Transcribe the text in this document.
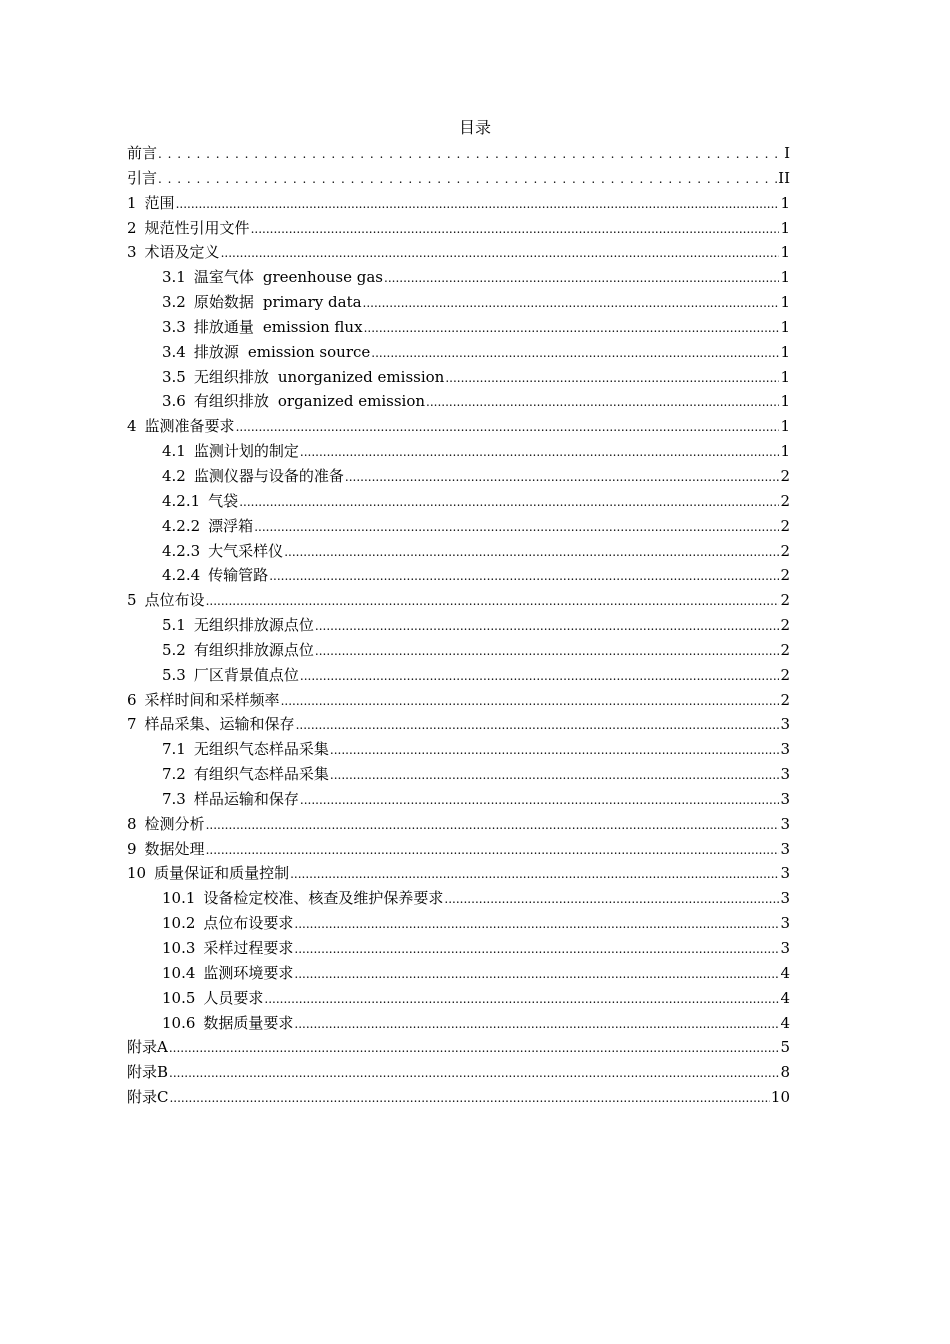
目录
前言 . . .	I
引言 . . .	II
1 范围 .....	1
2 规范性引用文件 .....	1
3 术语及定义 .....	1
3.1 温室气体 greenhouse gas .....	1
3.2 原始数据 primary data .....	1
3.3 排放通量 emission flux .....	1
3.4 排放源 emission source .....	1
3.5 无组织排放 unorganized emission .....	1
3.6 有组织排放 organized emission .....	1
4 监测准备要求 .....	1
4.1 监测计划的制定 .....	1
4.2 监测仪器与设备的准备 .....	2
4.2.1 气袋 .....	2
4.2.2 漂浮箱 .....	2
4.2.3 大气采样仪 .....	2
4.2.4 传输管路 .....	2
5 点位布设 .....	2
5.1 无组织排放源点位 .....	2
5.2 有组织排放源点位 .....	2
5.3 厂区背景值点位 .....	2
6 采样时间和采样频率 .....	2
7 样品采集、运输和保存 .....	3
7.1 无组织气态样品采集 .....	3
7.2 有组织气态样品采集 .....	3
7.3 样品运输和保存 .....	3
8 检测分析 .....	3
9 数据处理 .....	3
10 质量保证和质量控制 .....	3
10.1 设备检定校准、核查及维护保养要求 .....	3
10.2 点位布设要求 .....	3
10.3 采样过程要求 .....	3
10.4 监测环境要求 .....	4
10.5 人员要求 .....	4
10.6 数据质量要求 .....	4
附录A .....	5
附录B .....	8
附录C .....	10
